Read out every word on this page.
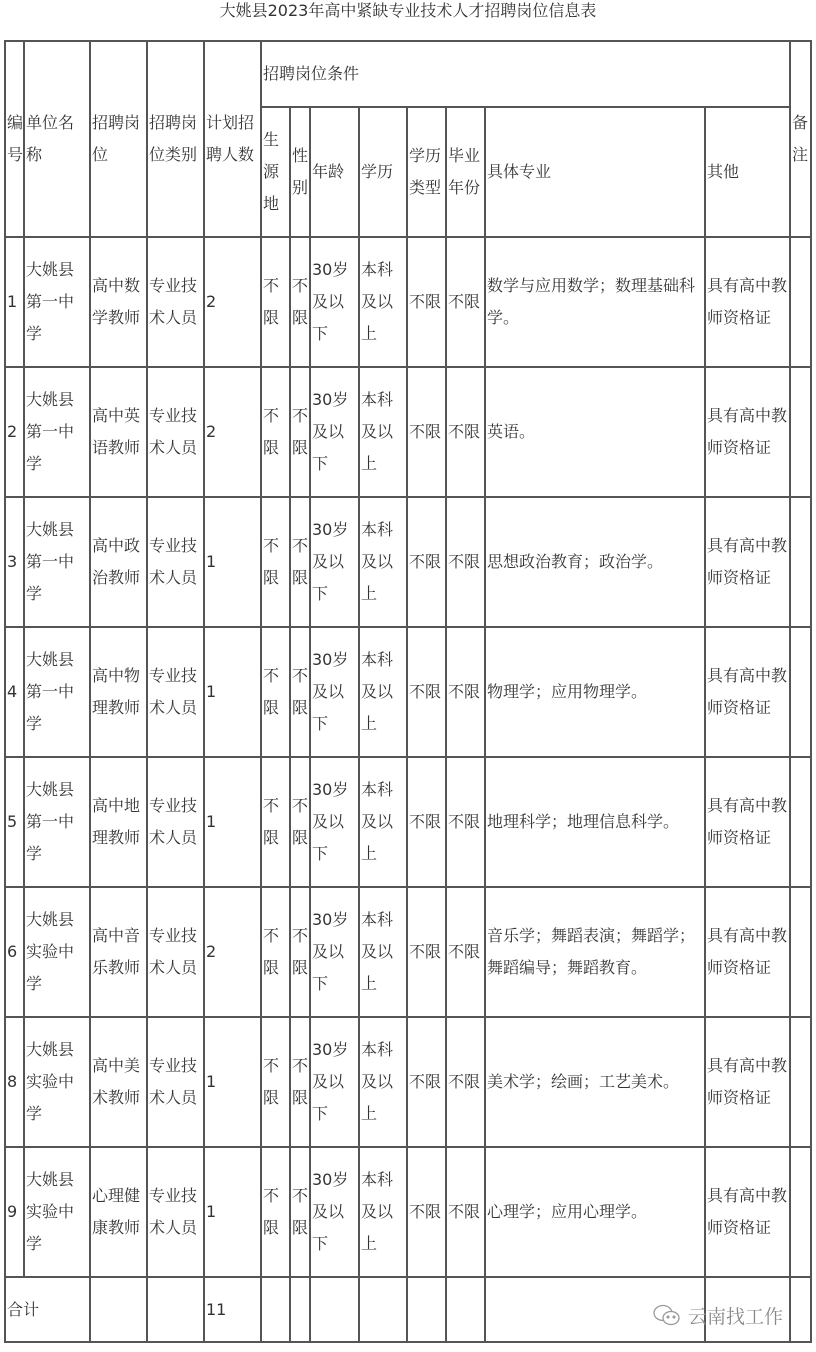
大姚县2023年高中紧缺专业技术人才招聘岗位信息表
编号	单位名称	招聘岗位	招聘岗位类别	计划招聘人数	招聘岗位条件								备注
					生源地	性别	年龄	学历	学历类型	毕业年份	具体专业	其他	
1	大姚县第一中学	高中数学教师	专业技术人员	2	不限	不限	30岁及以下	本科及以上	不限	不限	数学与应用数学；数理基础科学。	具有高中教师资格证	
2	大姚县第一中学	高中英语教师	专业技术人员	2	不限	不限	30岁及以下	本科及以上	不限	不限	英语。	具有高中教师资格证	
3	大姚县第一中学	高中政治教师	专业技术人员	1	不限	不限	30岁及以下	本科及以上	不限	不限	思想政治教育；政治学。	具有高中教师资格证	
4	大姚县第一中学	高中物理教师	专业技术人员	1	不限	不限	30岁及以下	本科及以上	不限	不限	物理学；应用物理学。	具有高中教师资格证	
5	大姚县第一中学	高中地理教师	专业技术人员	1	不限	不限	30岁及以下	本科及以上	不限	不限	地理科学；地理信息科学。	具有高中教师资格证	
6	大姚县实验中学	高中音乐教师	专业技术人员	2	不限	不限	30岁及以下	本科及以上	不限	不限	音乐学；舞蹈表演；舞蹈学；舞蹈编导；舞蹈教育。	具有高中教师资格证	
8	大姚县实验中学	高中美术教师	专业技术人员	1	不限	不限	30岁及以下	本科及以上	不限	不限	美术学；绘画；工艺美术。	具有高中教师资格证	
9	大姚县实验中学	心理健康教师	专业技术人员	1	不限	不限	30岁及以下	本科及以上	不限	不限	心理学；应用心理学。	具有高中教师资格证	
合计				11										云南找工作
